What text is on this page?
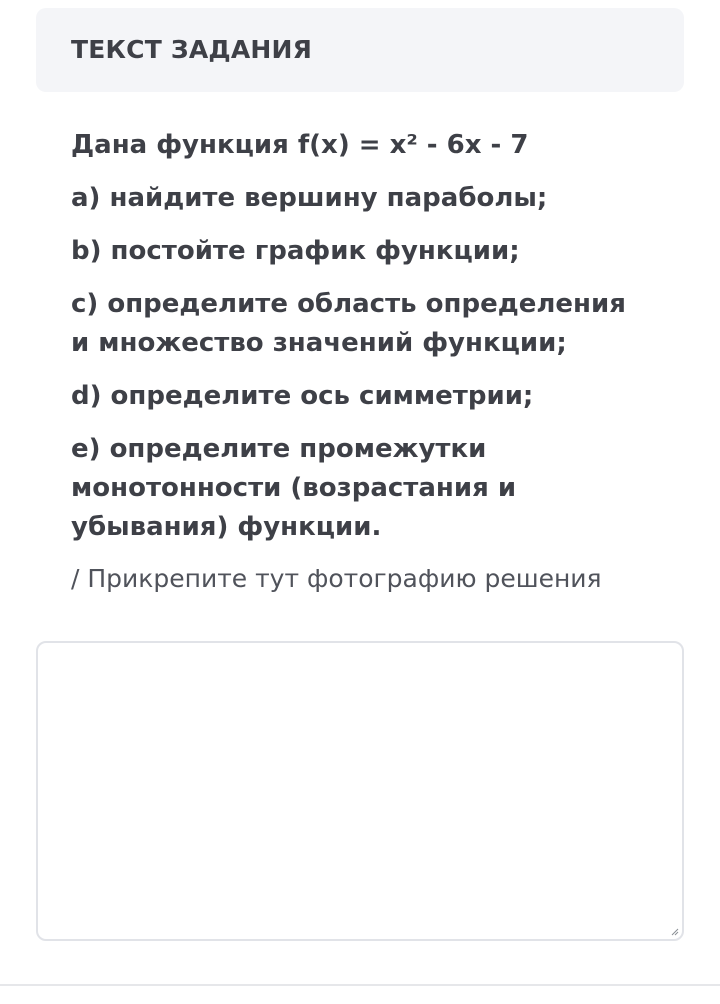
ТЕКСТ ЗАДАНИЯ
Дана функция f(x) = x² - 6x - 7
a) найдите вершину параболы;
b) постойте график функции;
c) определите область определения
и множество значений функции;
d) определите ось симметрии;
e) определите промежутки
монотонности (возрастания и
убывания) функции.
/ Прикрепите тут фотографию решения
